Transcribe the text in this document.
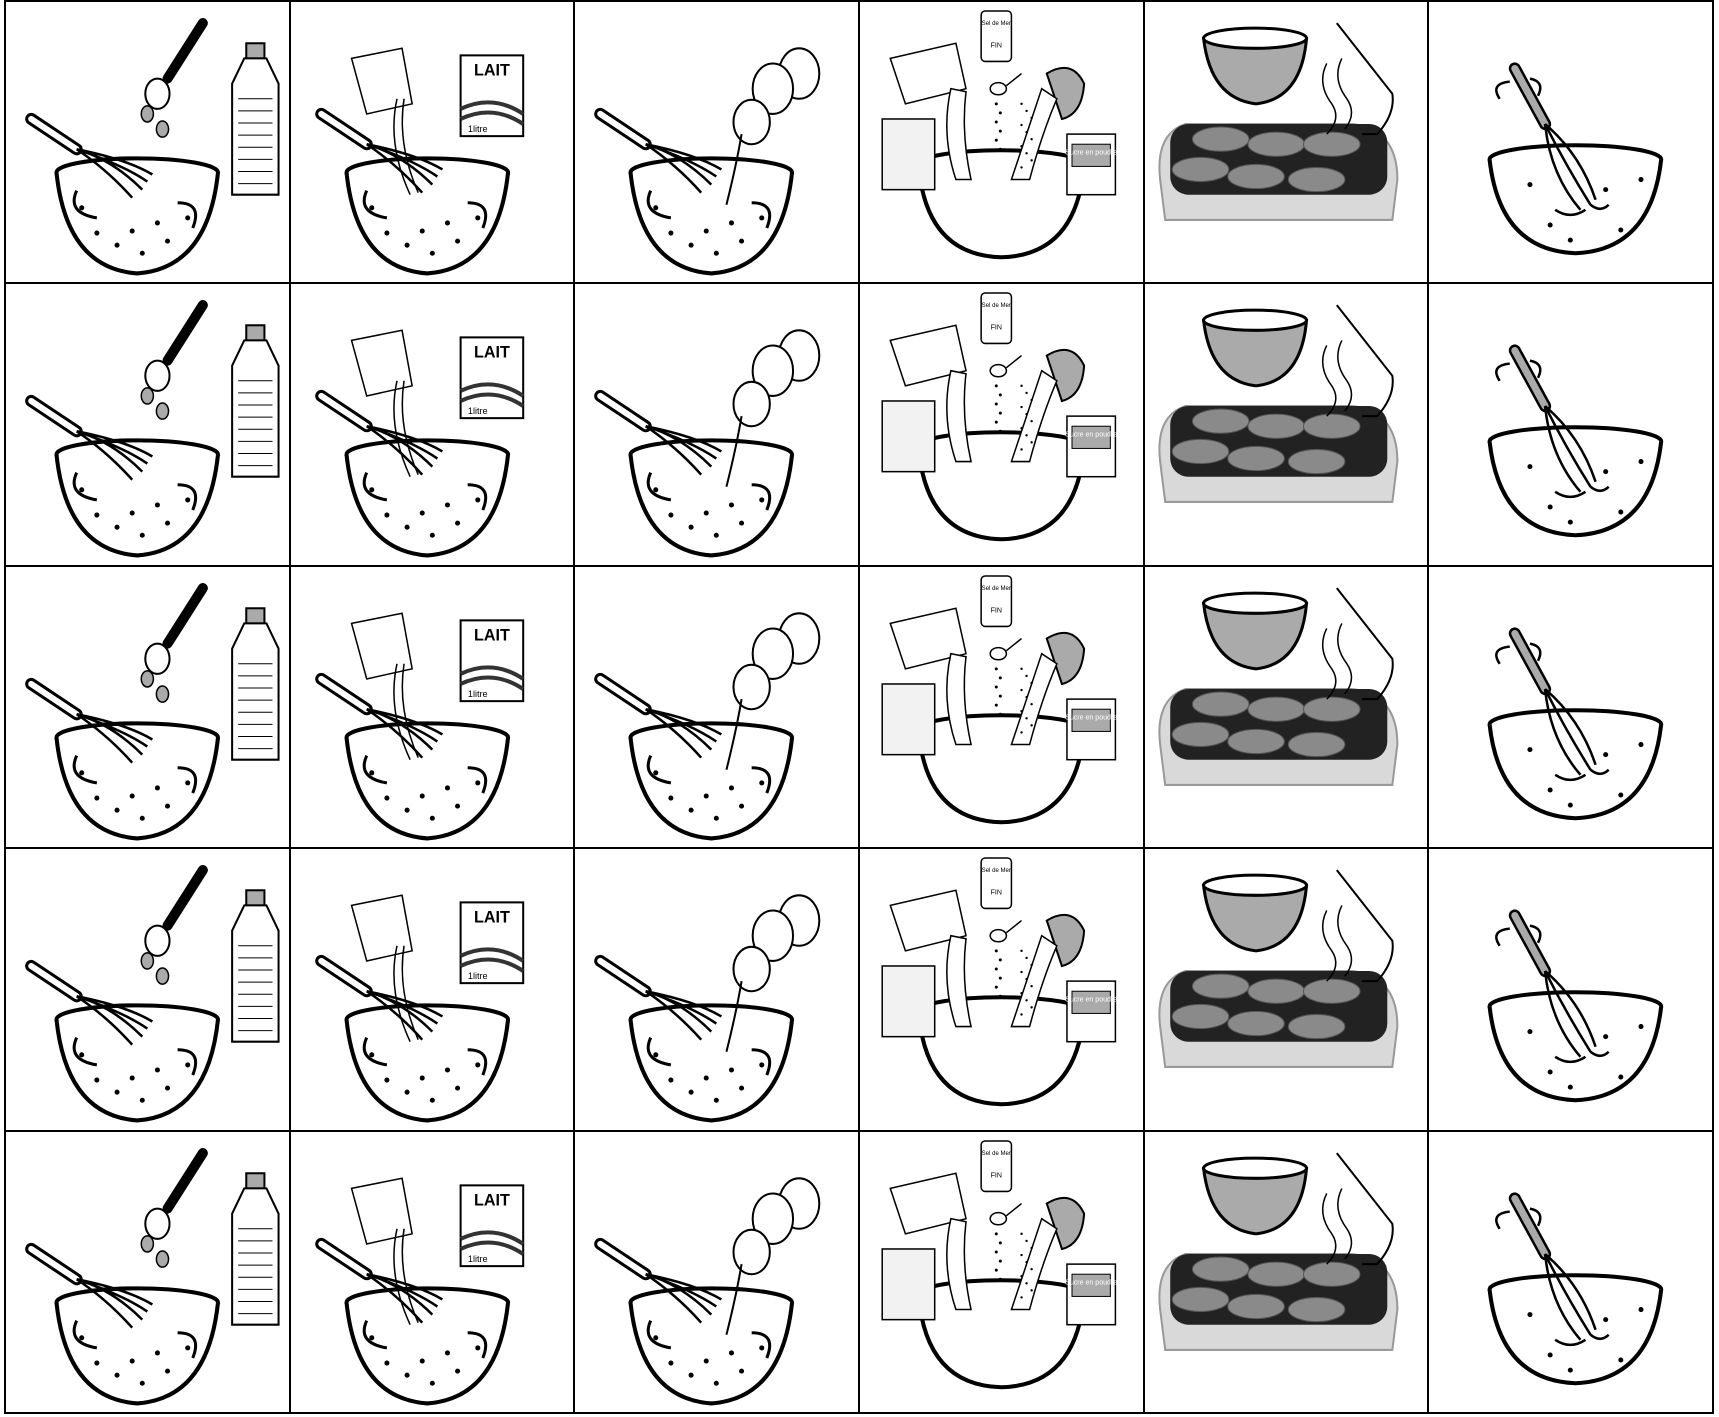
LAIT
1litre
Sel de Mer
FIN
Sucre en poudre
LAIT
1litre
Sel de Mer
FIN
Sucre en poudre
LAIT
1litre
Sel de Mer
FIN
Sucre en poudre
LAIT
1litre
Sel de Mer
FIN
Sucre en poudre
LAIT
1litre
Sel de Mer
FIN
Sucre en poudre
